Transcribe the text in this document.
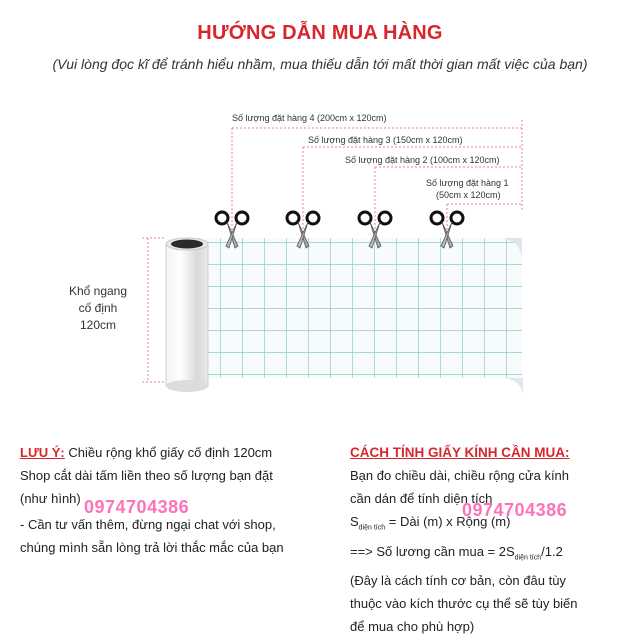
HƯỚNG DẪN MUA HÀNG
(Vui lòng đọc kĩ để tránh hiểu nhầm, mua thiếu dẫn tới mất thời gian mất việc của bạn)
Số lượng đặt hàng 4 (200cm x 120cm)
Số lượng đặt hàng 3 (150cm x 120cm)
Số lượng đặt hàng 2 (100cm x 120cm)
Số lượng đặt hàng 1
(50cm x 120cm)
Khổ ngang
cố định
120cm
LƯU Ý: Chiều rộng khổ giấy cố định 120cm
Shop cắt dài tấm liền theo số lượng bạn đặt
(như hình)
- Cần tư vấn thêm, đừng ngại chat với shop,
chúng mình sẵn lòng trả lời thắc mắc của bạn
CÁCH TÍNH GIẤY KÍNH CẦN MUA:
Bạn đo chiều dài, chiều rộng cửa kính
cần dán để tính diện tích
$S_{diện tích}$ = Dài (m) x Rộng (m)
==> Số lương cần mua = $2S_{diện tích}/1.2$
(Đây là cách tính cơ bản, còn đâu tùy
thuộc vào kích thước cụ thể sẽ tùy biến
để mua cho phù hợp)
0974704386	0974704386
